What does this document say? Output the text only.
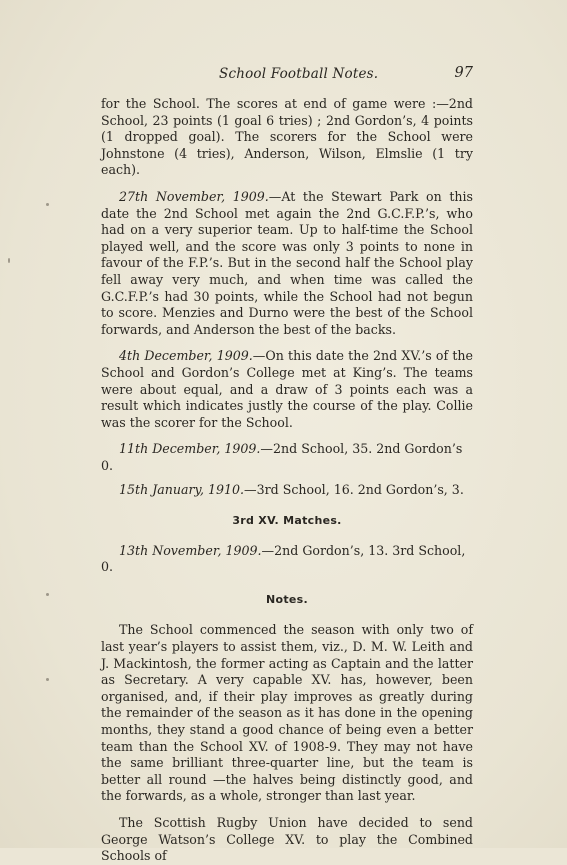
School Football Notes.	97

for the School. The scores at end of game were :—2nd School, 23 points (1 goal 6 tries) ; 2nd Gordon’s, 4 points (1 dropped goal). The scorers for the School were Johnstone (4 tries), Anderson, Wilson, Elmslie (1 try each).

27th November, 1909.—At the Stewart Park on this date the 2nd School met again the 2nd G.C.F.P.’s, who had on a very superior team. Up to half-time the School played well, and the score was only 3 points to none in favour of the F.P.’s. But in the second half the School play fell away very much, and when time was called the G.C.F.P.’s had 30 points, while the School had not begun to score. Menzies and Durno were the best of the School forwards, and Anderson the best of the backs.

4th December, 1909.—On this date the 2nd XV.’s of the School and Gordon’s College met at King’s. The teams were about equal, and a draw of 3 points each was a result which indicates justly the course of the play. Collie was the scorer for the School.

11th December, 1909.—2nd School, 35. 2nd Gordon’s 0.

15th January, 1910.—3rd School, 16. 2nd Gordon’s, 3.

3rd XV. Matches.

13th November, 1909.—2nd Gordon’s, 13. 3rd School, 0.

Notes.

The School commenced the season with only two of last year’s players to assist them, viz., D. M. W. Leith and J. Mackintosh, the former acting as Captain and the latter as Secretary. A very capable XV. has, however, been organised, and, if their play improves as greatly during the remainder of the season as it has done in the opening months, they stand a good chance of being even a better team than the School XV. of 1908-9. They may not have the same brilliant three-quarter line, but the team is better all round —the halves being distinctly good, and the forwards, as a whole, stronger than last year.

The Scottish Rugby Union have decided to send George Watson’s College XV. to play the Combined Schools of
